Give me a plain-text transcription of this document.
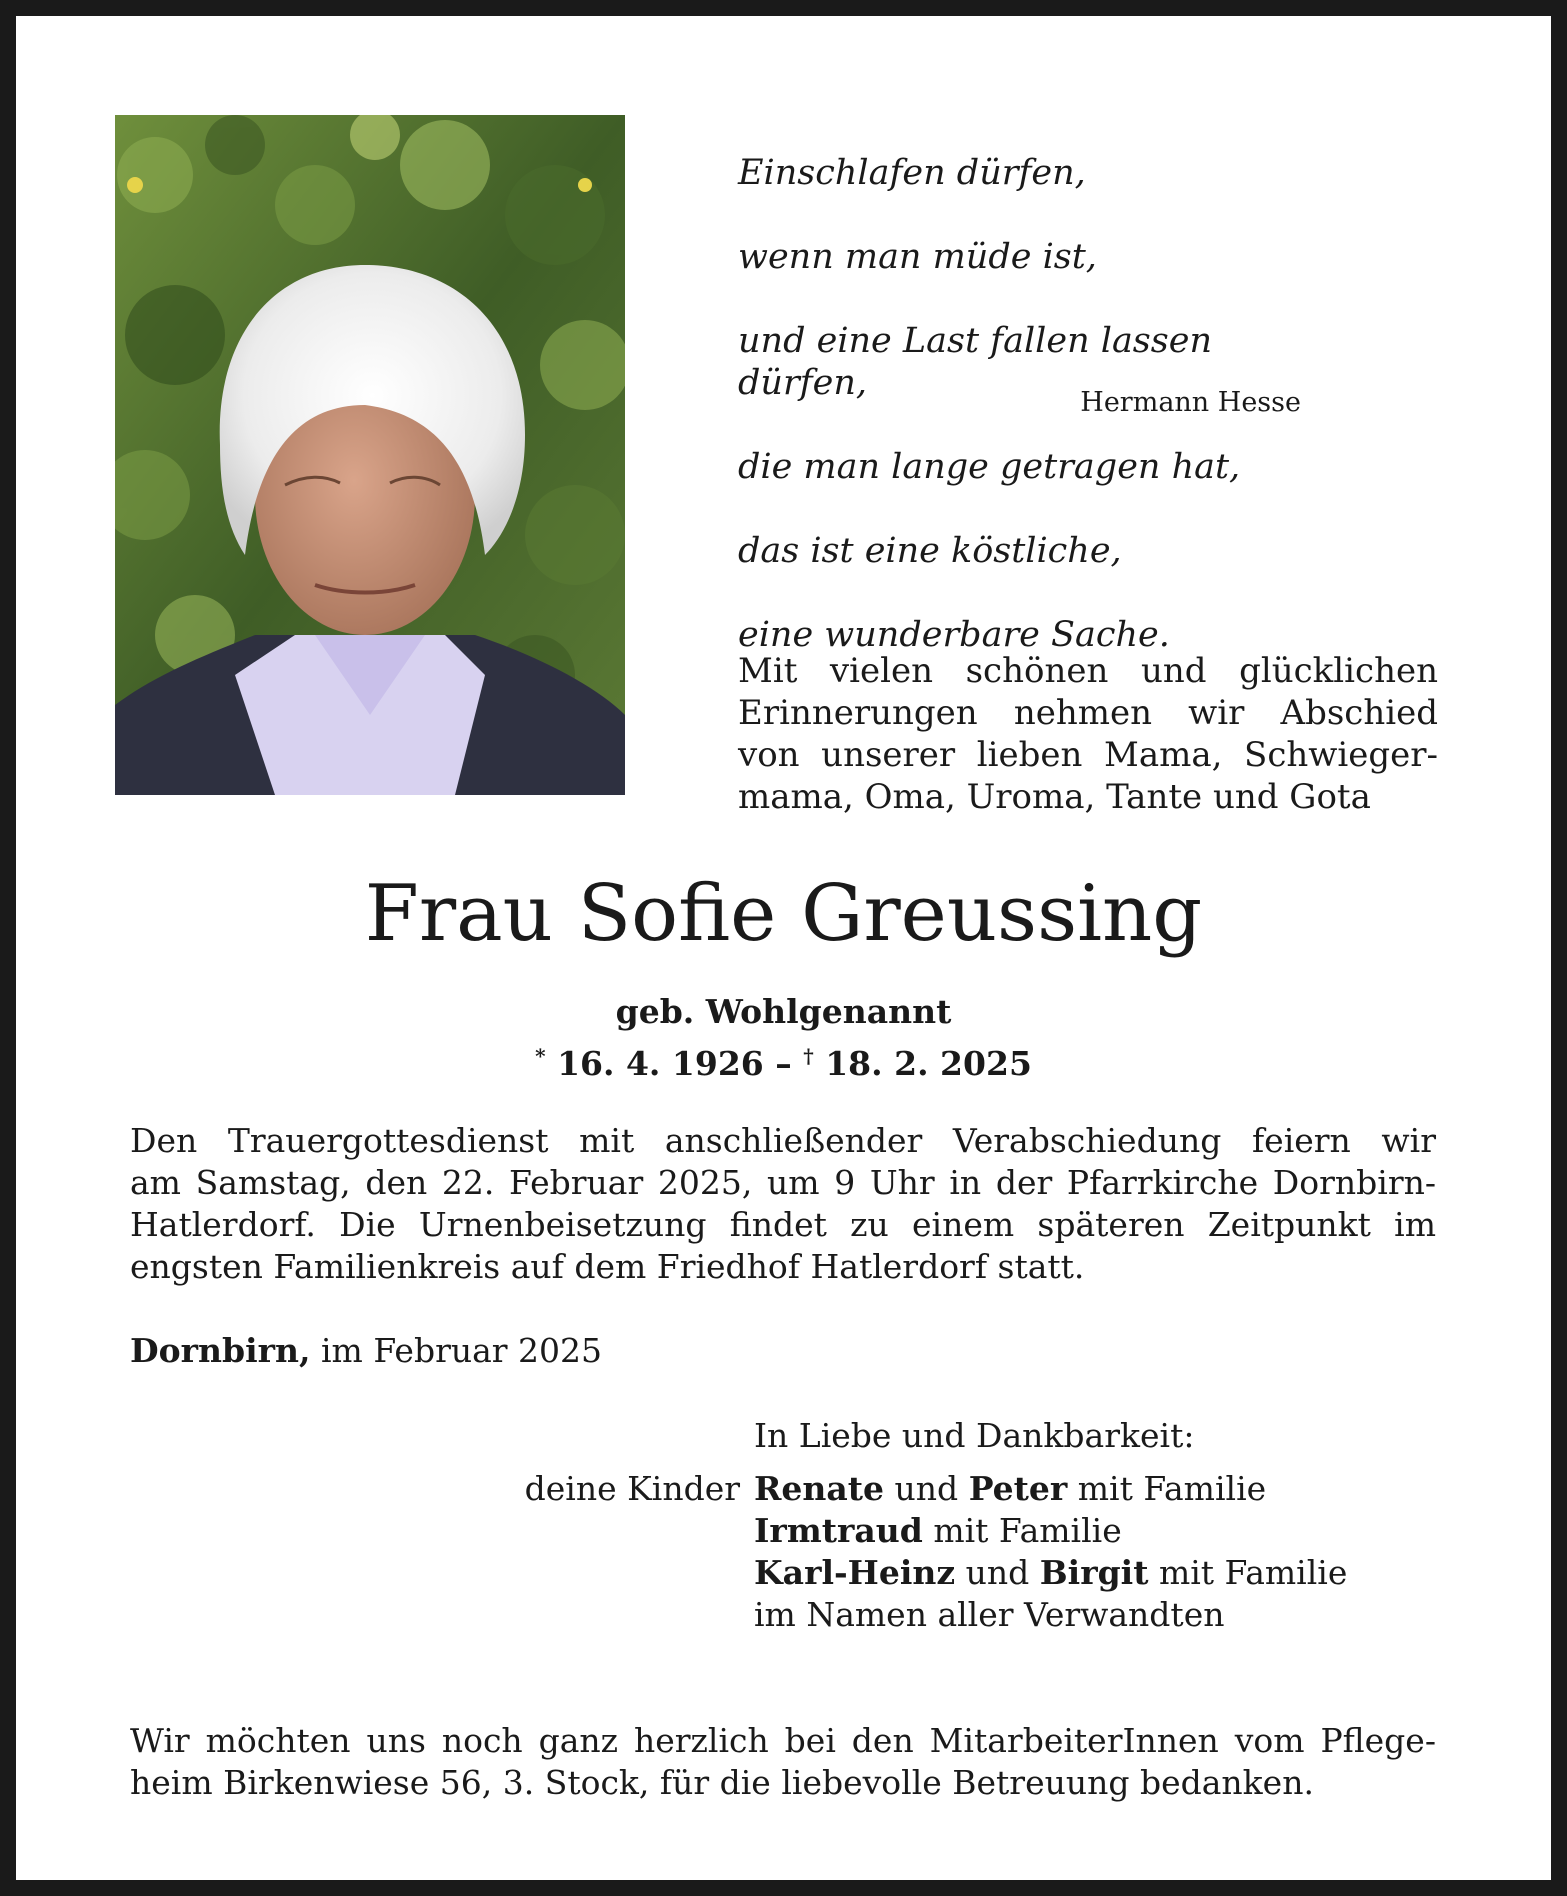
Einschlafen dürfen,

wenn man müde ist,

und eine Last fallen lassen dürfen,

die man lange getragen hat,

das ist eine köstliche,

eine wunderbare Sache.

Hermann Hesse
Mit vielen schönen und glücklichen
Erinnerungen nehmen wir Abschied
von unserer lieben Mama, Schwieger-
mama, Oma, Uroma, Tante und Gota
Frau Sofie Greussing
geb. Wohlgenannt
* 16. 4. 1926 – † 18. 2. 2025
Den Trauergottesdienst mit anschließender Verabschiedung feiern wir
am Samstag, den 22. Februar 2025, um 9 Uhr in der Pfarrkirche Dornbirn-
Hatlerdorf. Die Urnenbeisetzung findet zu einem späteren Zeitpunkt im
engsten Familienkreis auf dem Friedhof Hatlerdorf statt.
Dornbirn, im Februar 2025
In Liebe und Dankbarkeit:
deine Kinder Renate und Peter mit Familie
Irmtraud mit Familie
Karl-Heinz und Birgit mit Familie
im Namen aller Verwandten
Wir möchten uns noch ganz herzlich bei den MitarbeiterInnen vom Pflege-
heim Birkenwiese 56, 3. Stock, für die liebevolle Betreuung bedanken.
